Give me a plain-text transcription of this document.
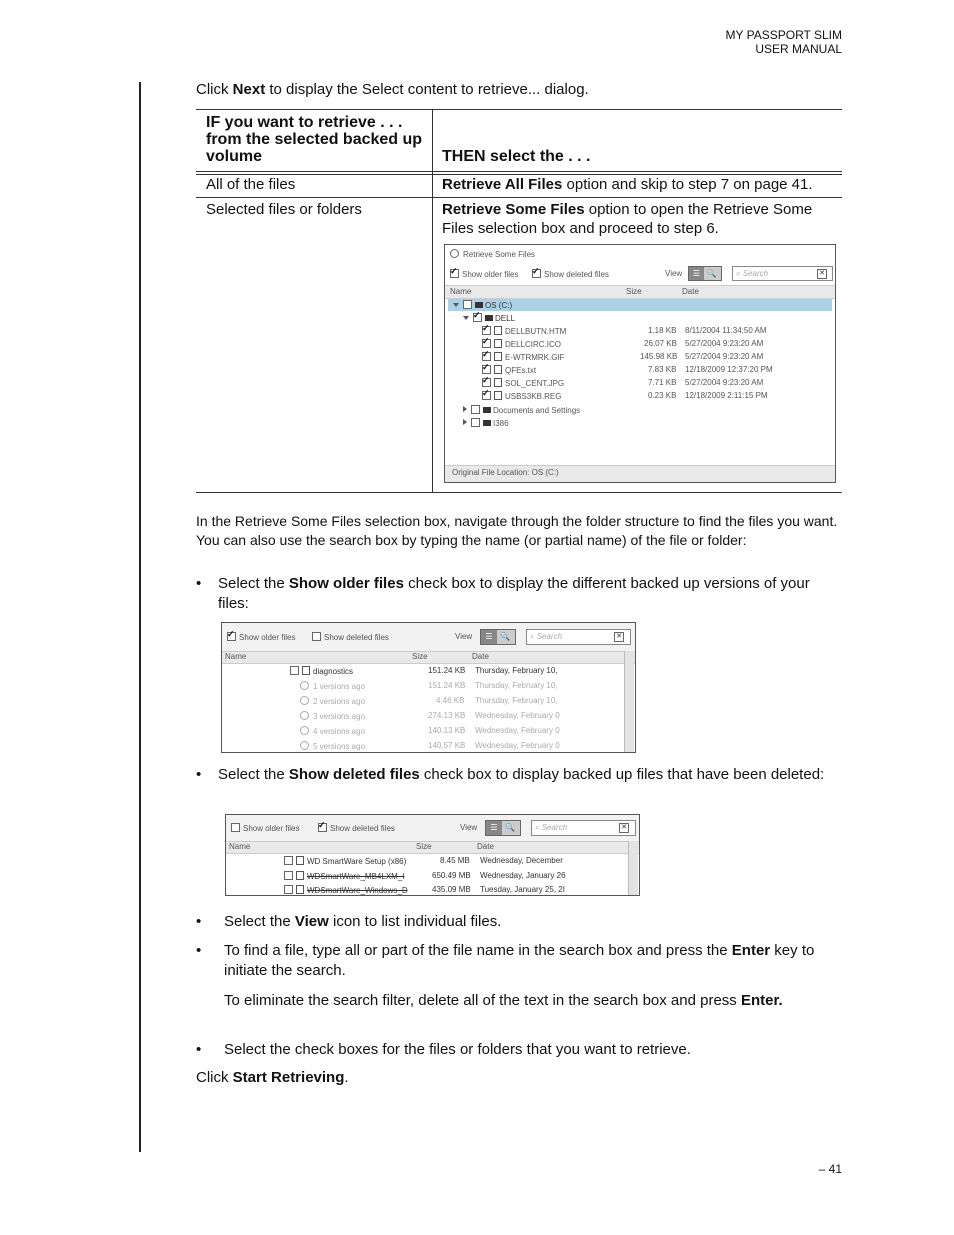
MY PASSPORT SLIM
USER MANUAL
Click Next to display the Select content to retrieve... dialog.
IF you want to retrieve . . . from the selected backed up volume	THEN select the . . .
All of the files	Retrieve All Files option and skip to step 7 on page 41.
Selected files or folders	Retrieve Some Files option to open the Retrieve Some Files selection box and proceed to step 6.
Retrieve Some Files
✓Show older files ✓	Show deleted files	View	☰ 🔍	⌕ Search	✕
Name	Size	Date
OS (C:)
✓DELL
✓DELLBUTN.HTM	1.18 KB 8/11/2004 11:34:50 AM
✓DELLCIRC.ICO	26.07 KB 5/27/2004 9:23:20 AM
✓E-WTRMRK.GIF	145.98 KB 5/27/2004 9:23:20 AM
✓QFEs.txt	7.83 KB 12/18/2009 12:37:20 PM
✓SOL_CENT.JPG	7.71 KB 5/27/2004 9:23:20 AM
✓USBS3KB.REG	0.23 KB 12/18/2009 2:11:15 PM
Documents and Settings
I386
Original File Location: OS (C:)
In the Retrieve Some Files selection box, navigate through the folder structure to find the files you want. You can also use the search box by typing the name (or partial name) of the file or folder:
• Select the Show older files check box to display the different backed up versions of your files:
✓Show older files	Show deleted files	View	☰ 🔍	⌕ Search	✕
Name	Size	Date
diagnostics	151.24 KB Thursday, February 10,
1 versions ago	151.24 KB Thursday, February 10,
2 versions ago	4.46 KB Thursday, February 10,
3 versions ago	274.13 KB Wednesday, February 0
4 versions ago	140.13 KB Wednesday, February 0
5 versions ago	140.57 KB Wednesday, February 0
• Select the Show deleted files check box to display backed up files that have been deleted:
Show older files ✓	Show deleted files	View	☰ 🔍	⌕ Search	✕
Name	Size	Date
WD SmartWare Setup (x86)	8.45 MB Wednesday, December
WDSmartWare_MB4LXM_I	650.49 MB Wednesday, January 26
WDSmartWare_Windows_D	435.09 MB Tuesday, January 25, 2I
• Select the View icon to list individual files.
• To find a file, type all or part of the file name in the search box and press the Enter key to initiate the search.
To eliminate the search filter, delete all of the text in the search box and press Enter.
• Select the check boxes for the files or folders that you want to retrieve.
Click Start Retrieving.
– 41
